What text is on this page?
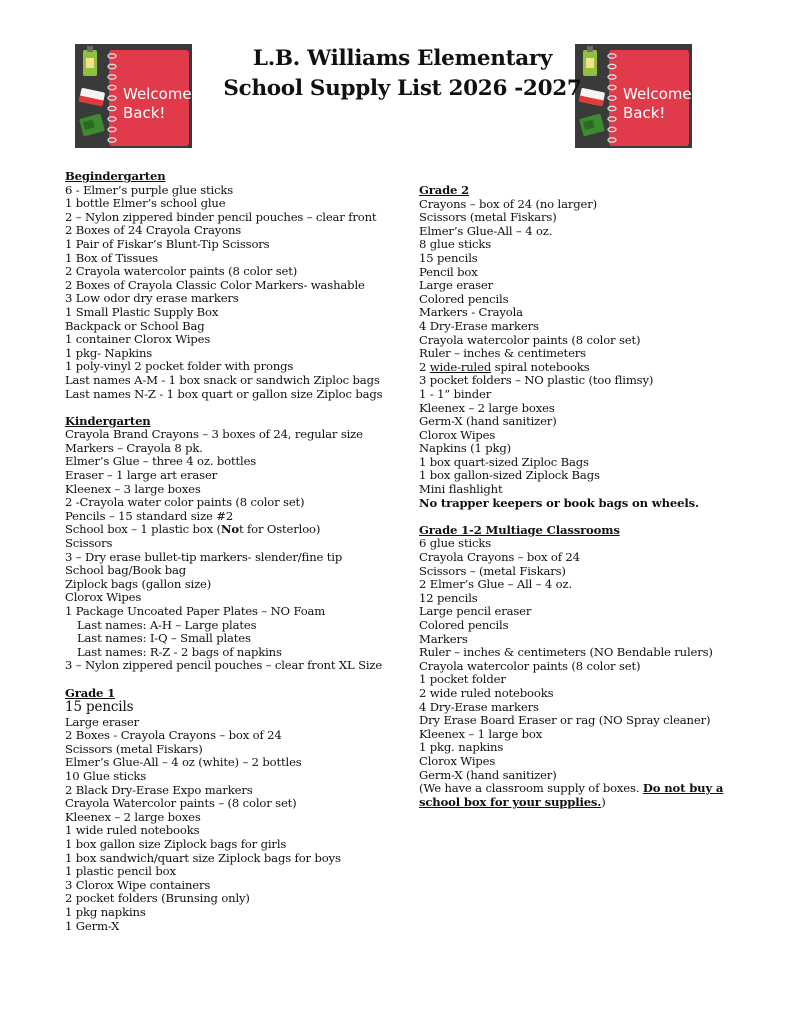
Welcome
Back!
Welcome
Back!
L.B. Williams Elementary
School Supply List 2026 -2027
Begindergarten
6 - Elmer’s purple glue sticks
1 bottle Elmer’s school glue
2 – Nylon zippered binder pencil pouches – clear front
2 Boxes of 24 Crayola Crayons
1 Pair of Fiskar’s Blunt-Tip Scissors
1 Box of Tissues
2 Crayola watercolor paints (8 color set)
2 Boxes of Crayola Classic Color Markers- washable
3 Low odor dry erase markers
1 Small Plastic Supply Box
Backpack or School Bag
1 container Clorox Wipes
1 pkg- Napkins
1 poly-vinyl 2 pocket folder with prongs
Last names A-M - 1 box snack or sandwich Ziploc bags
Last names N-Z - 1 box quart or gallon size Ziploc bags
Kindergarten
Crayola Brand Crayons – 3 boxes of 24, regular size
Markers – Crayola 8 pk.
Elmer’s Glue – three 4 oz. bottles
Eraser – 1 large art eraser
Kleenex – 3 large boxes
2 -Crayola water color paints (8 color set)
Pencils – 15 standard size #2
School box – 1 plastic box (Not for Osterloo)
Scissors
3 – Dry erase bullet-tip markers- slender/fine tip
School bag/Book bag
Ziplock bags (gallon size)
Clorox Wipes
1 Package Uncoated Paper Plates – NO Foam
Last names: A-H – Large plates
Last names: I-Q – Small plates
Last names: R-Z - 2 bags of napkins
3 – Nylon zippered pencil pouches – clear front XL Size
Grade 1
15 pencils
Large eraser
2 Boxes - Crayola Crayons – box of 24
Scissors (metal Fiskars)
Elmer’s Glue-All – 4 oz (white) – 2 bottles
10 Glue sticks
2 Black Dry-Erase Expo markers
Crayola Watercolor paints – (8 color set)
Kleenex – 2 large boxes
1 wide ruled notebooks
1 box gallon size Ziplock bags for girls
1 box sandwich/quart size Ziplock bags for boys
1 plastic pencil box
3 Clorox Wipe containers
2 pocket folders (Brunsing only)
1 pkg napkins
1 Germ-X
Grade 2
Crayons – box of 24 (no larger)
Scissors (metal Fiskars)
Elmer’s Glue-All – 4 oz.
8 glue sticks
15 pencils
Pencil box
Large eraser
Colored pencils
Markers - Crayola
4 Dry-Erase markers
Crayola watercolor paints (8 color set)
Ruler – inches & centimeters
2 wide-ruled spiral notebooks
3 pocket folders – NO plastic (too flimsy)
1 - 1” binder
Kleenex – 2 large boxes
Germ-X (hand sanitizer)
Clorox Wipes
Napkins (1 pkg)
1 box quart-sized Ziploc Bags
1 box gallon-sized Ziplock Bags
Mini flashlight
No trapper keepers or book bags on wheels.
Grade 1-2 Multiage Classrooms
6 glue sticks
Crayola Crayons – box of 24
Scissors – (metal Fiskars)
2 Elmer’s Glue – All – 4 oz.
12 pencils
Large pencil eraser
Colored pencils
Markers
Ruler – inches & centimeters (NO Bendable rulers)
Crayola watercolor paints (8 color set)
1 pocket folder
2 wide ruled notebooks
4 Dry-Erase markers
Dry Erase Board Eraser or rag (NO Spray cleaner)
Kleenex – 1 large box
1 pkg. napkins
Clorox Wipes
Germ-X (hand sanitizer)
(We have a classroom supply of boxes. Do not buy a
school box for your supplies.)
